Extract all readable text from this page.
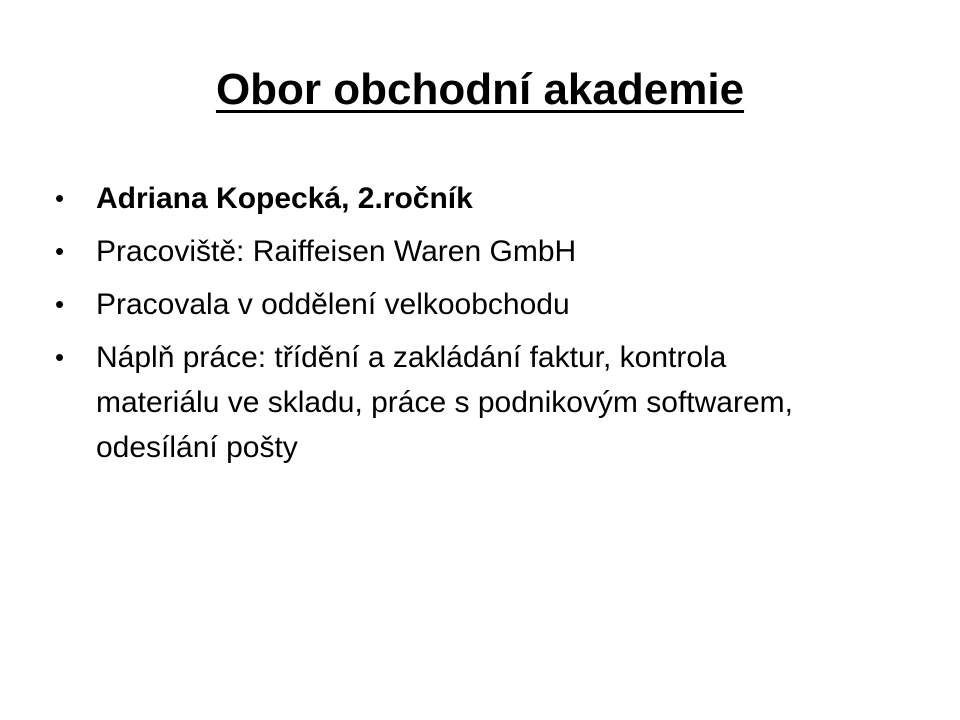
Obor obchodní akademie
• Adriana Kopecká, 2.ročník
• Pracoviště: Raiffeisen Waren GmbH
• Pracovala v oddělení velkoobchodu
• Náplň práce: třídění a zakládání faktur, kontrola materiálu ve skladu, práce s podnikovým softwarem, odesílání pošty
